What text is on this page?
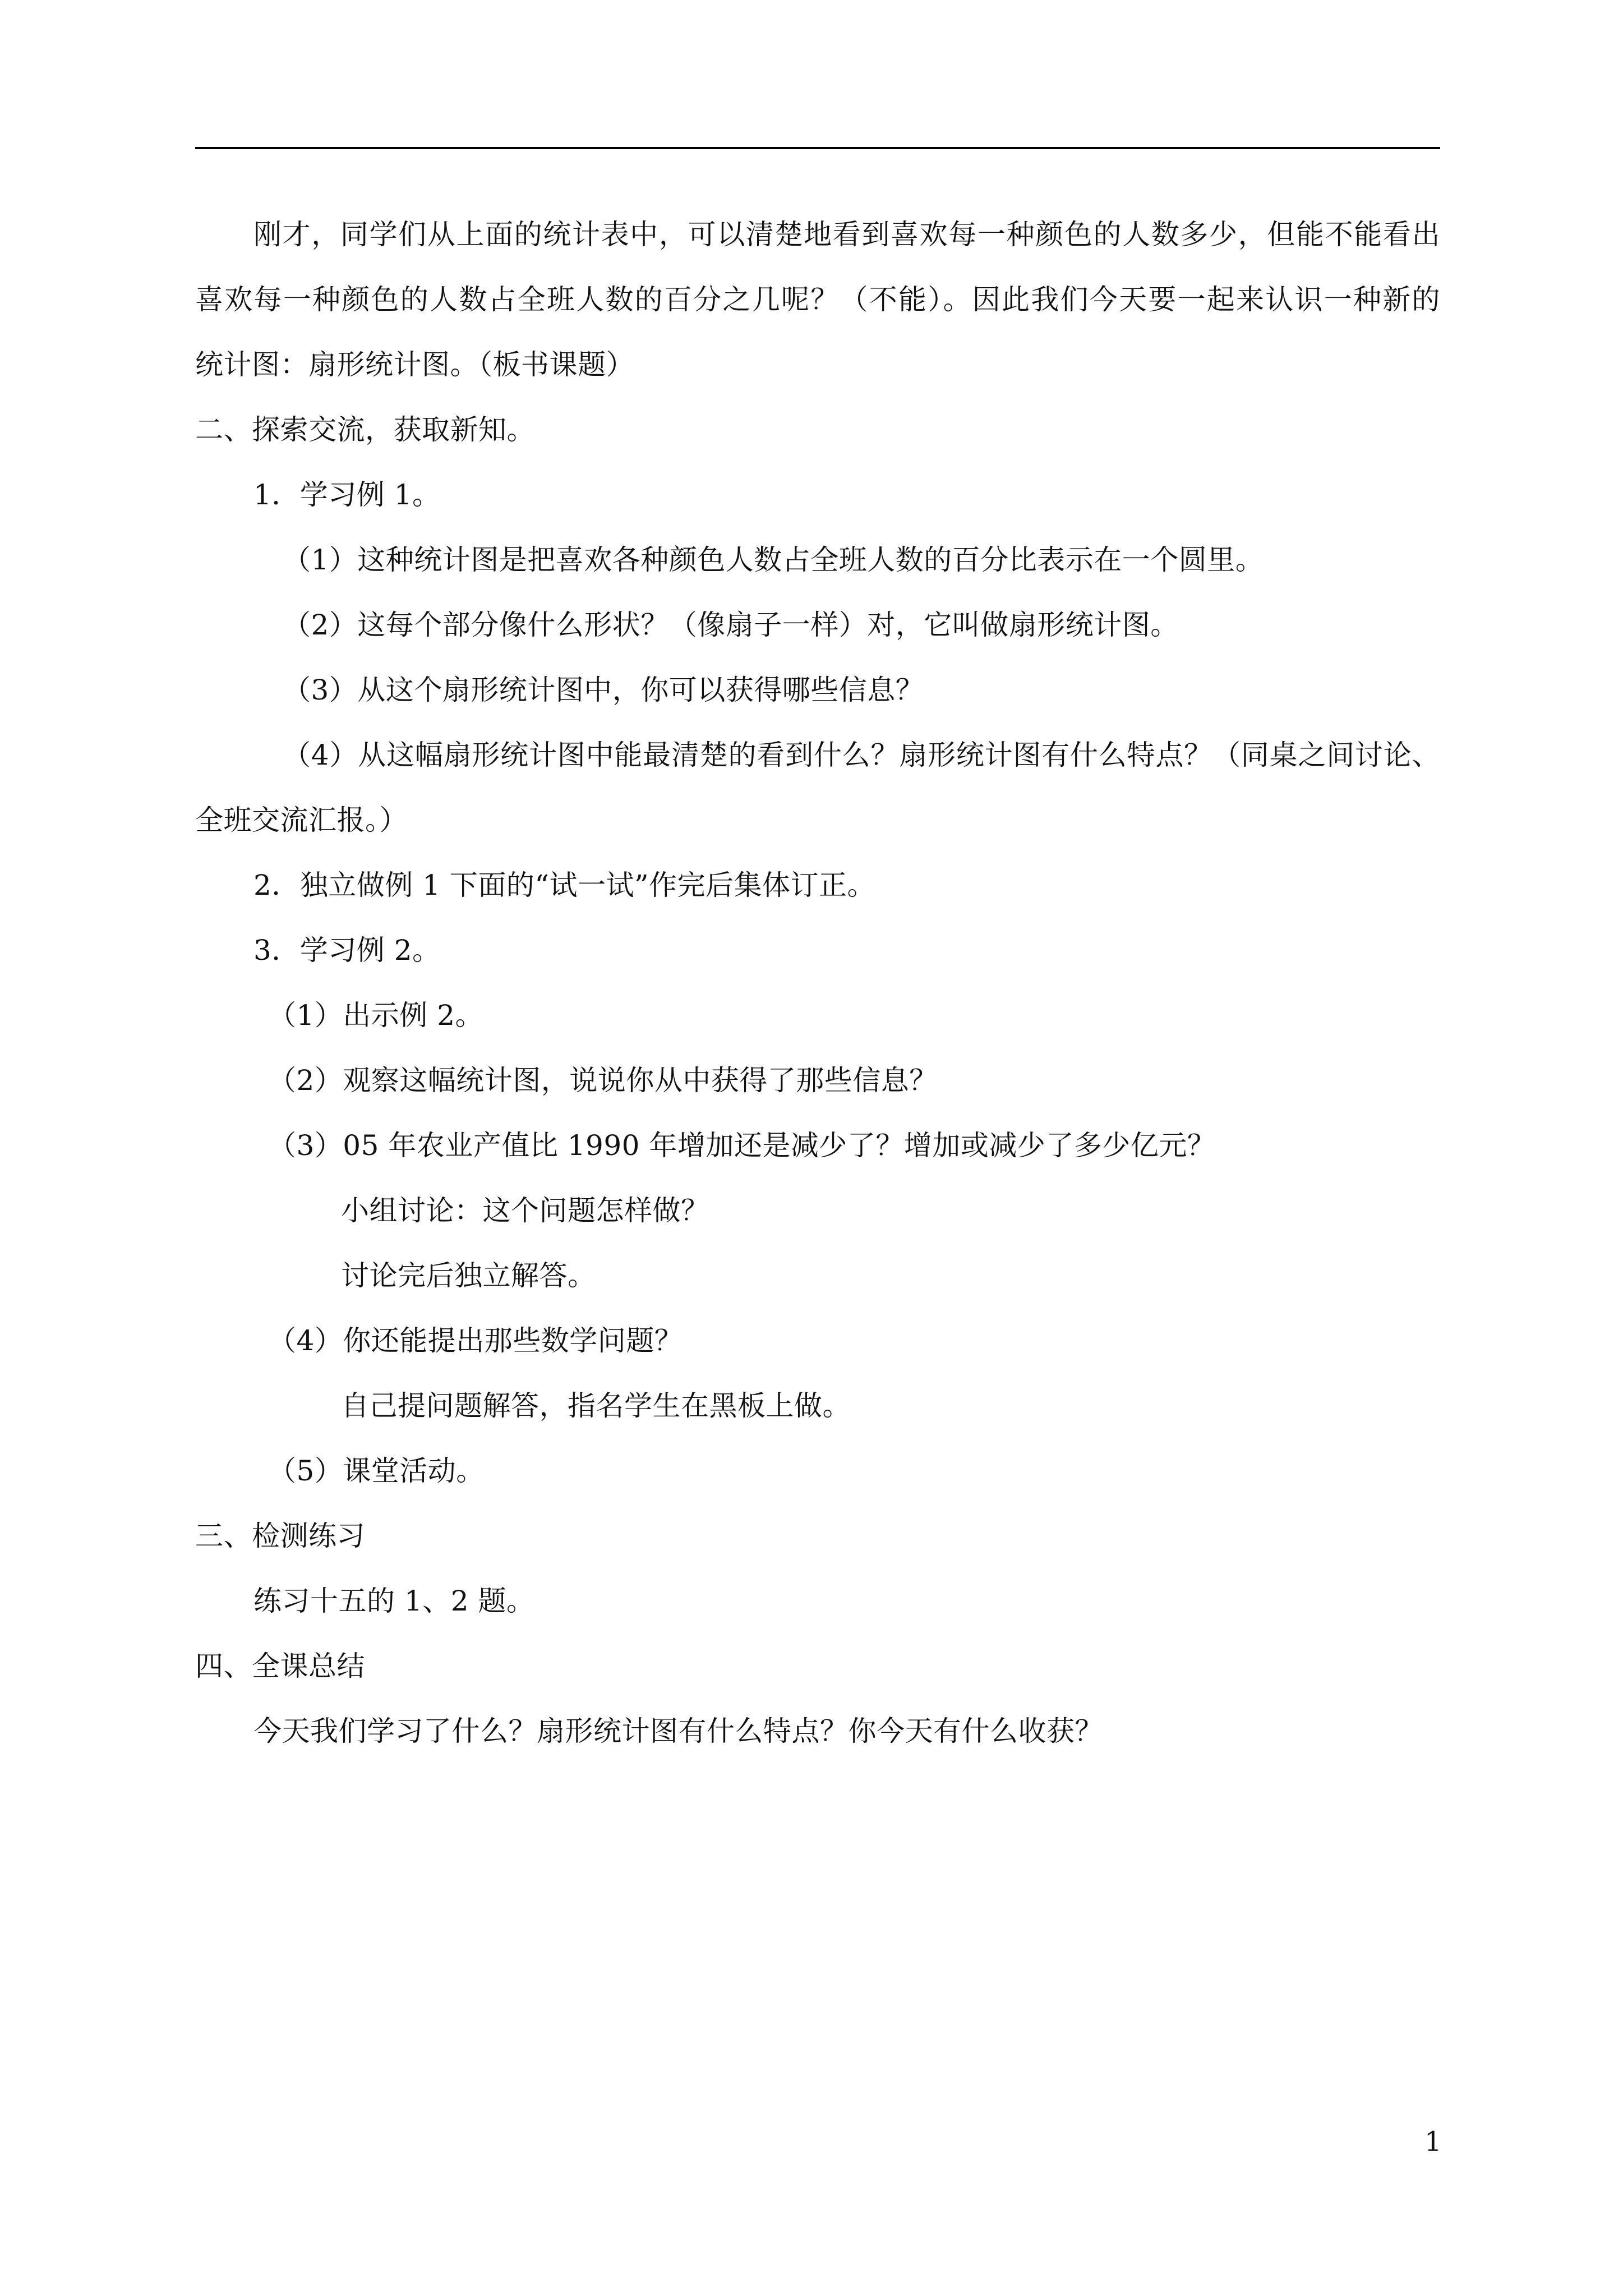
刚才，同学们从上面的统计表中，可以清楚地看到喜欢每一种颜色的人数多少，但能不能看出
喜欢每一种颜色的人数占全班人数的百分之几呢？（不能）。因此我们今天要一起来认识一种新的
统计图：扇形统计图。（板书课题）
二、探索交流，获取新知。
1．学习例 1。
（1）这种统计图是把喜欢各种颜色人数占全班人数的百分比表示在一个圆里。
（2）这每个部分像什么形状？（像扇子一样）对，它叫做扇形统计图。
（3）从这个扇形统计图中，你可以获得哪些信息？
（4）从这幅扇形统计图中能最清楚的看到什么？扇形统计图有什么特点？（同桌之间讨论、
全班交流汇报。）
2．独立做例 1 下面的“试一试”作完后集体订正。
3．学习例 2。
（1）出示例 2。
（2）观察这幅统计图，说说你从中获得了那些信息？
（3）05 年农业产值比 1990 年增加还是减少了？增加或减少了多少亿元？
小组讨论：这个问题怎样做？
讨论完后独立解答。
（4）你还能提出那些数学问题？
自己提问题解答，指名学生在黑板上做。
（5）课堂活动。
三、检测练习
练习十五的 1、2 题。
四、全课总结
今天我们学习了什么？扇形统计图有什么特点？你今天有什么收获？
1
